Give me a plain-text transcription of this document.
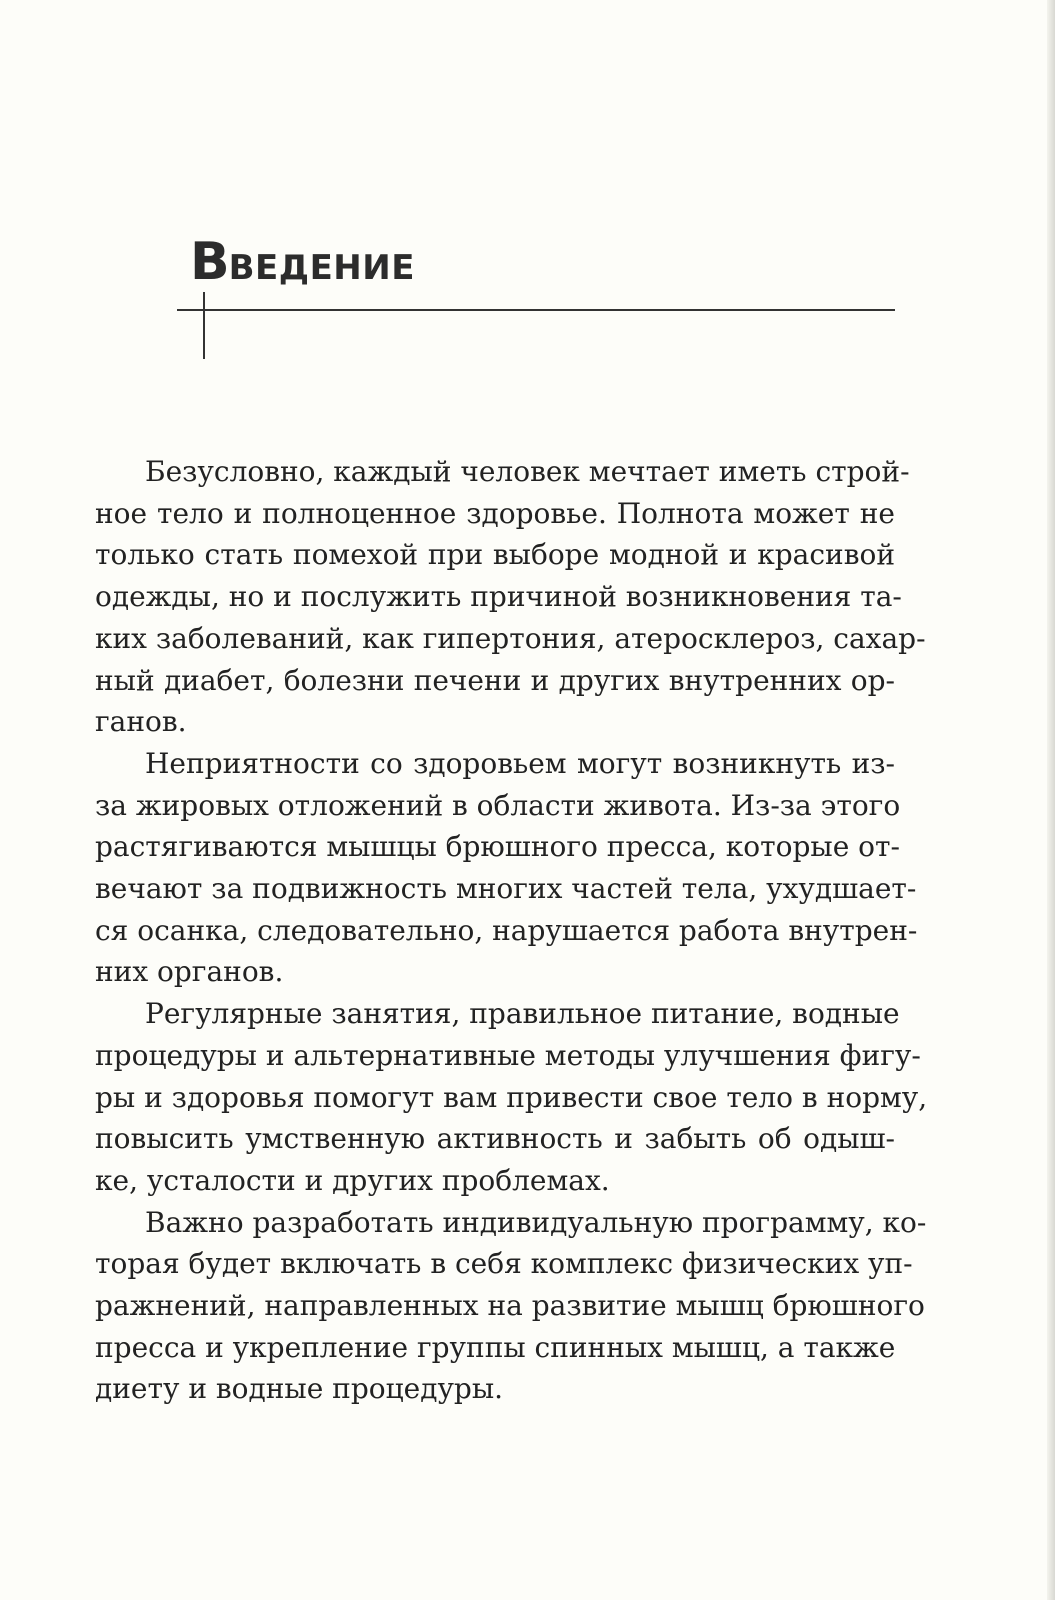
ВВЕДЕНИЕ
Безусловно, каждый человек мечтает иметь строй-
ное тело и полноценное здоровье. Полнота может не
только стать помехой при выборе модной и красивой
одежды, но и послужить причиной возникновения та-
ких заболеваний, как гипертония, атеросклероз, сахар-
ный диабет, болезни печени и других внутренних ор-
ганов.
Неприятности со здоровьем могут возникнуть из-
за жировых отложений в области живота. Из-за этого
растягиваются мышцы брюшного пресса, которые от-
вечают за подвижность многих частей тела, ухудшает-
ся осанка, следовательно, нарушается работа внутрен-
них органов.
Регулярные занятия, правильное питание, водные
процедуры и альтернативные методы улучшения фигу-
ры и здоровья помогут вам привести свое тело в норму,
повысить умственную активность и забыть об одыш-
ке, усталости и других проблемах.
Важно разработать индивидуальную программу, ко-
торая будет включать в себя комплекс физических уп-
ражнений, направленных на развитие мышц брюшного
пресса и укрепление группы спинных мышц, а также
диету и водные процедуры.
